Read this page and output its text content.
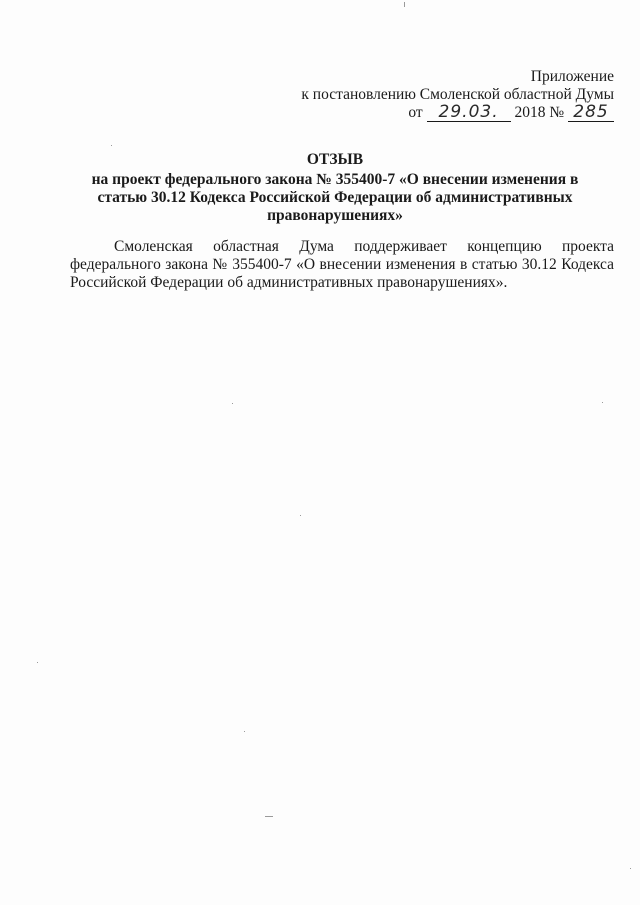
Приложение
к постановлению Смоленской областной Думы
от 29.03. 2018 № 285
ОТЗЫВ
на проект федерального закона № 355400-7 «О внесении изменения в
статью 30.12 Кодекса Российской Федерации об административных
правонарушениях»
Смоленская областная Дума поддерживает концепцию проекта федерального закона № 355400-7 «О внесении изменения в статью 30.12 Кодекса Российской Федерации об административных правонарушениях».
